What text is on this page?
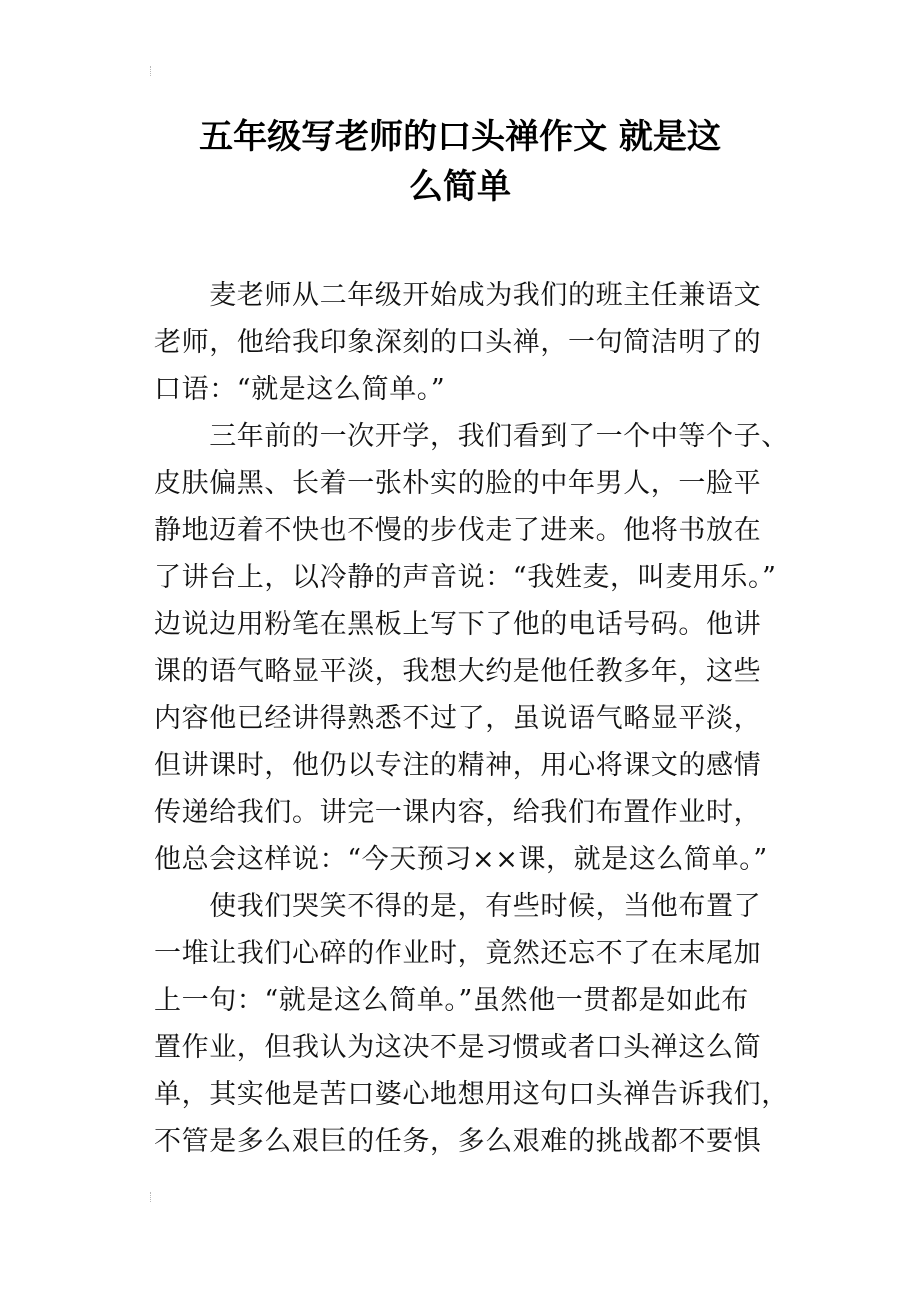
五年级写老师的口头禅作文 就是这
么简单
　　麦老师从二年级开始成为我们的班主任兼语文
老师，他给我印象深刻的口头禅，一句简洁明了的
口语：“就是这么简单。”
　　三年前的一次开学，我们看到了一个中等个子、
皮肤偏黑、长着一张朴实的脸的中年男人，一脸平
静地迈着不快也不慢的步伐走了进来。他将书放在
了讲台上，以冷静的声音说：“我姓麦，叫麦用乐。”
边说边用粉笔在黑板上写下了他的电话号码。他讲
课的语气略显平淡，我想大约是他任教多年，这些
内容他已经讲得熟悉不过了，虽说语气略显平淡，
但讲课时，他仍以专注的精神，用心将课文的感情
传递给我们。讲完一课内容，给我们布置作业时，
他总会这样说：“今天预习××课，就是这么简单。”
　　使我们哭笑不得的是，有些时候，当他布置了
一堆让我们心碎的作业时，竟然还忘不了在末尾加
上一句：“就是这么简单。”虽然他一贯都是如此布
置作业，但我认为这决不是习惯或者口头禅这么简
单，其实他是苦口婆心地想用这句口头禅告诉我们，
不管是多么艰巨的任务，多么艰难的挑战都不要惧
